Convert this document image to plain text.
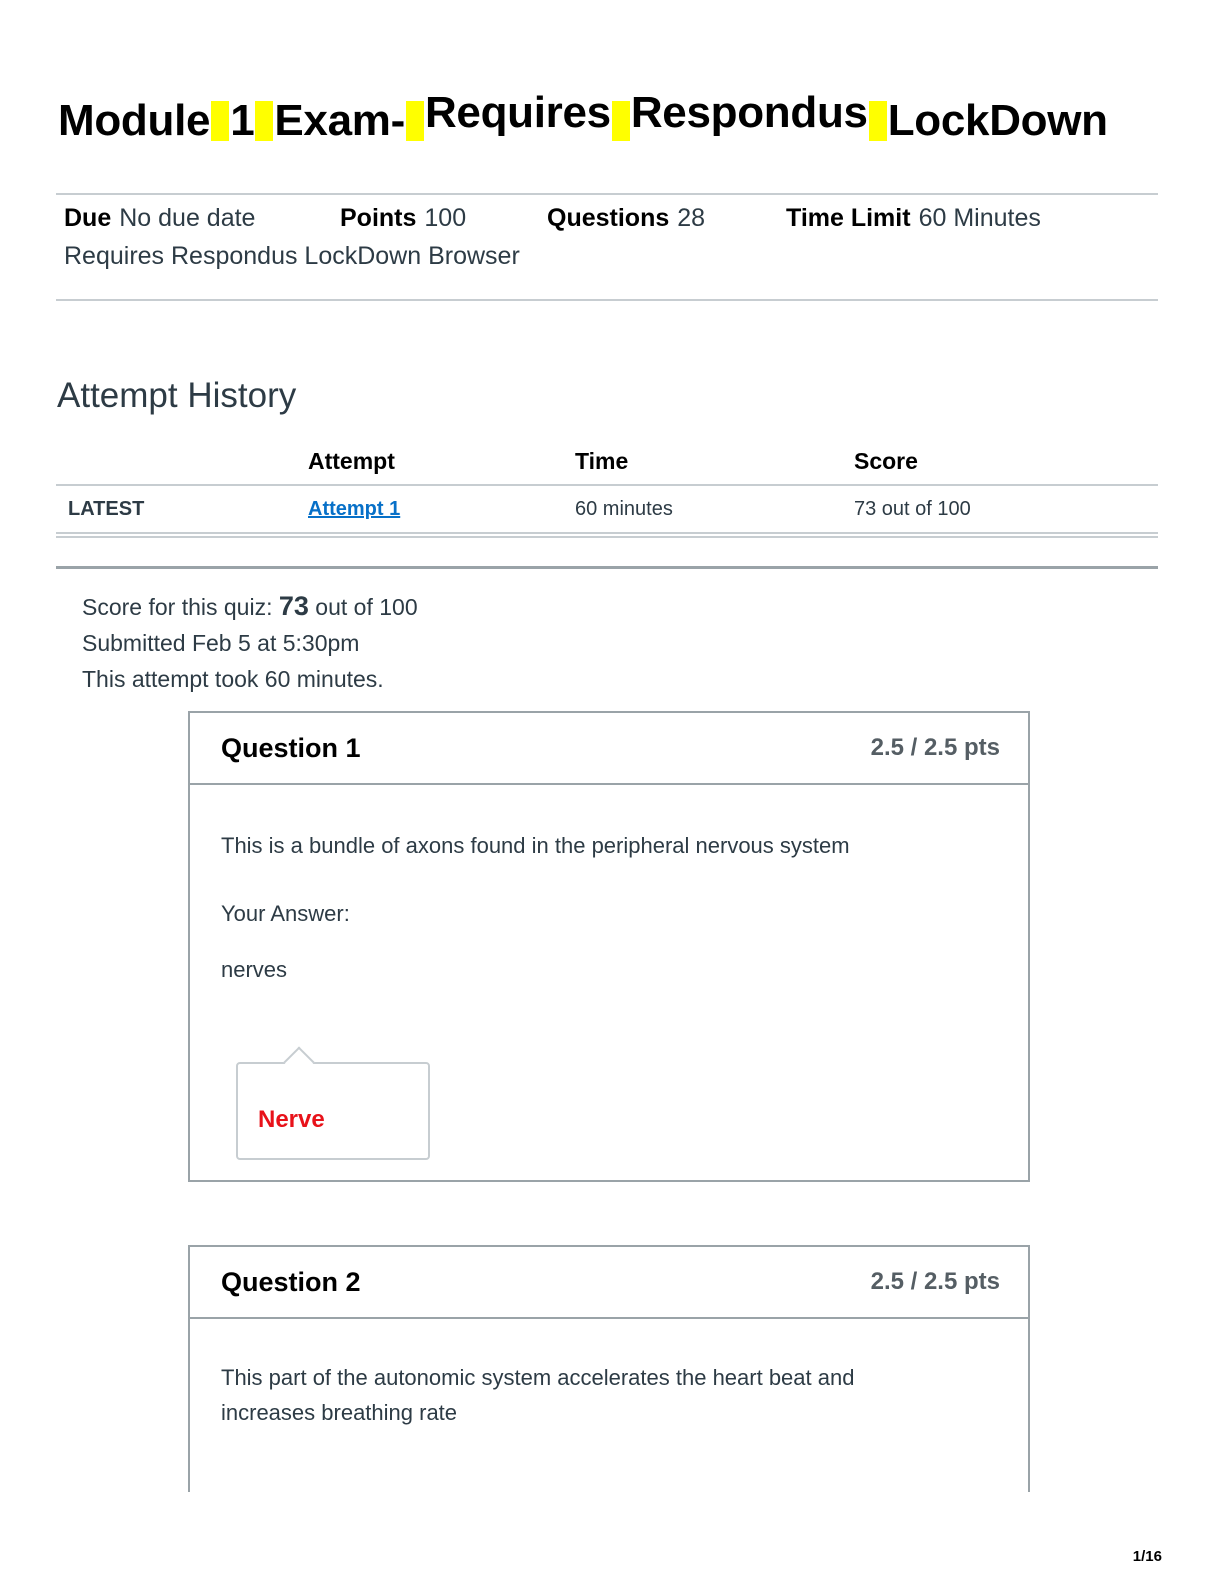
Module 1 Exam- Requires Respondus LockDown
Due No due date	Points 100	Questions 28	Time Limit 60 Minutes
Requires Respondus LockDown Browser
Attempt History
	Attempt	Time	Score
LATEST	Attempt 1	60 minutes	73 out of 100
Score for this quiz: 73 out of 100
Submitted Feb 5 at 5:30pm
This attempt took 60 minutes.
Question 1	2.5 / 2.5 pts
This is a bundle of axons found in the peripheral nervous system
Your Answer:
nerves
Nerve
Question 2	2.5 / 2.5 pts
This part of the autonomic system accelerates the heart beat and
increases breathing rate
1/16
